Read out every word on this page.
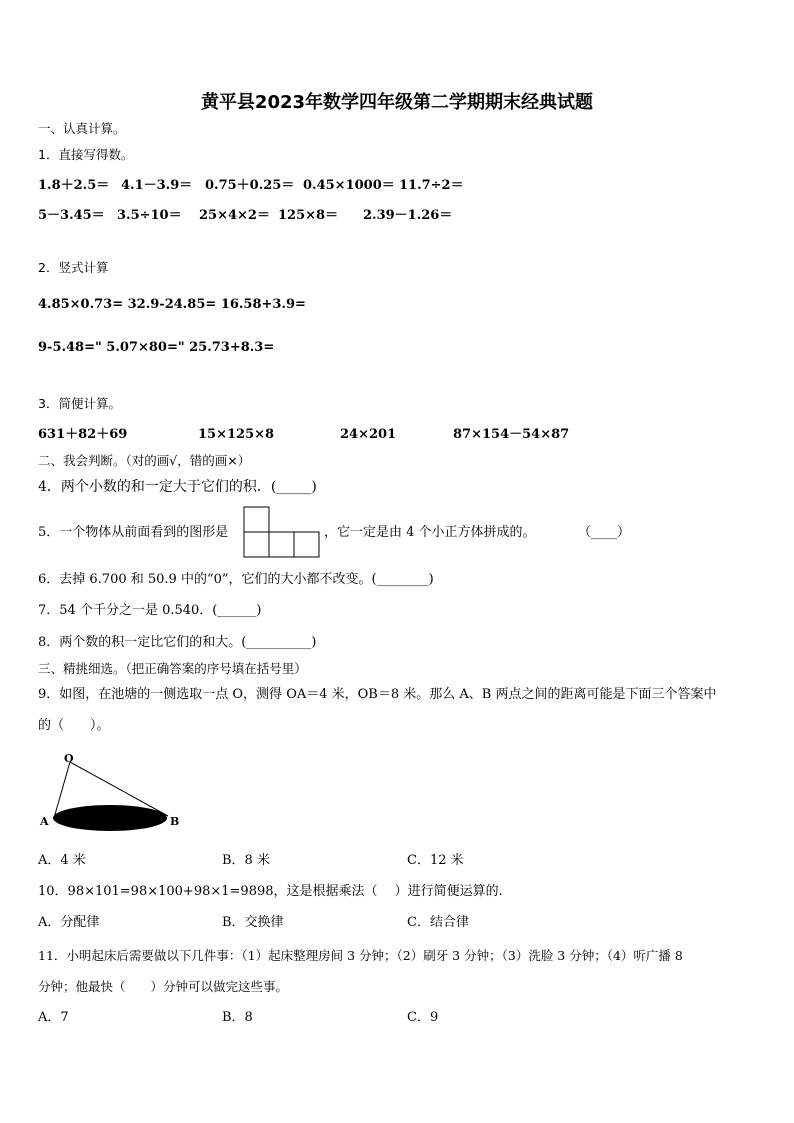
黄平县2023年数学四年级第二学期期末经典试题
一、认真计算。
1．直接写得数。
1.8＋2.5＝ 4.1－3.9＝ 0.75＋0.25＝ 0.45×1000＝ 11.7÷2＝
5－3.45＝ 3.5÷10＝ 25×4×2＝ 125×8＝ 2.39－1.26＝
2．竖式计算
4.85×0.73= 32.9-24.85= 16.58+3.9=
9-5.48=" 5.07×80=" 25.73+8.3=
3．简便计算。
631＋82＋69	15×125×8	24×201	87×154－54×87
二、我会判断。（对的画√，错的画×）
4．两个小数的和一定大于它们的积．(_____)
5．一个物体从前面看到的图形是	，它一定是由 4 个小正方体拼成的。	（____）
6．去掉 6.700 和 50.9 中的“0”，它们的大小都不改变。(________)
7．54 个千分之一是 0.540．(______)
8．两个数的积一定比它们的和大。(__________)
三、精挑细选。（把正确答案的序号填在括号里）
9．如图，在池塘的一侧选取一点 O，测得 OA＝4 米，OB＝8 米。那么 A、B 两点之间的距离可能是下面三个答案中
的（　　）。
O
A	B
A．4 米	B．8 米	C．12 米
10．98×101=98×100+98×1=9898，这是根据乘法（　 ）进行简便运算的.
A．分配律	B．交换律	C．结合律
11．小明起床后需要做以下几件事：（1）起床整理房间 3 分钟；（2）刷牙 3 分钟；（3）洗脸 3 分钟；（4）听广播 8
分钟；他最快（　　）分钟可以做完这些事。
A．7	B．8	C．9
